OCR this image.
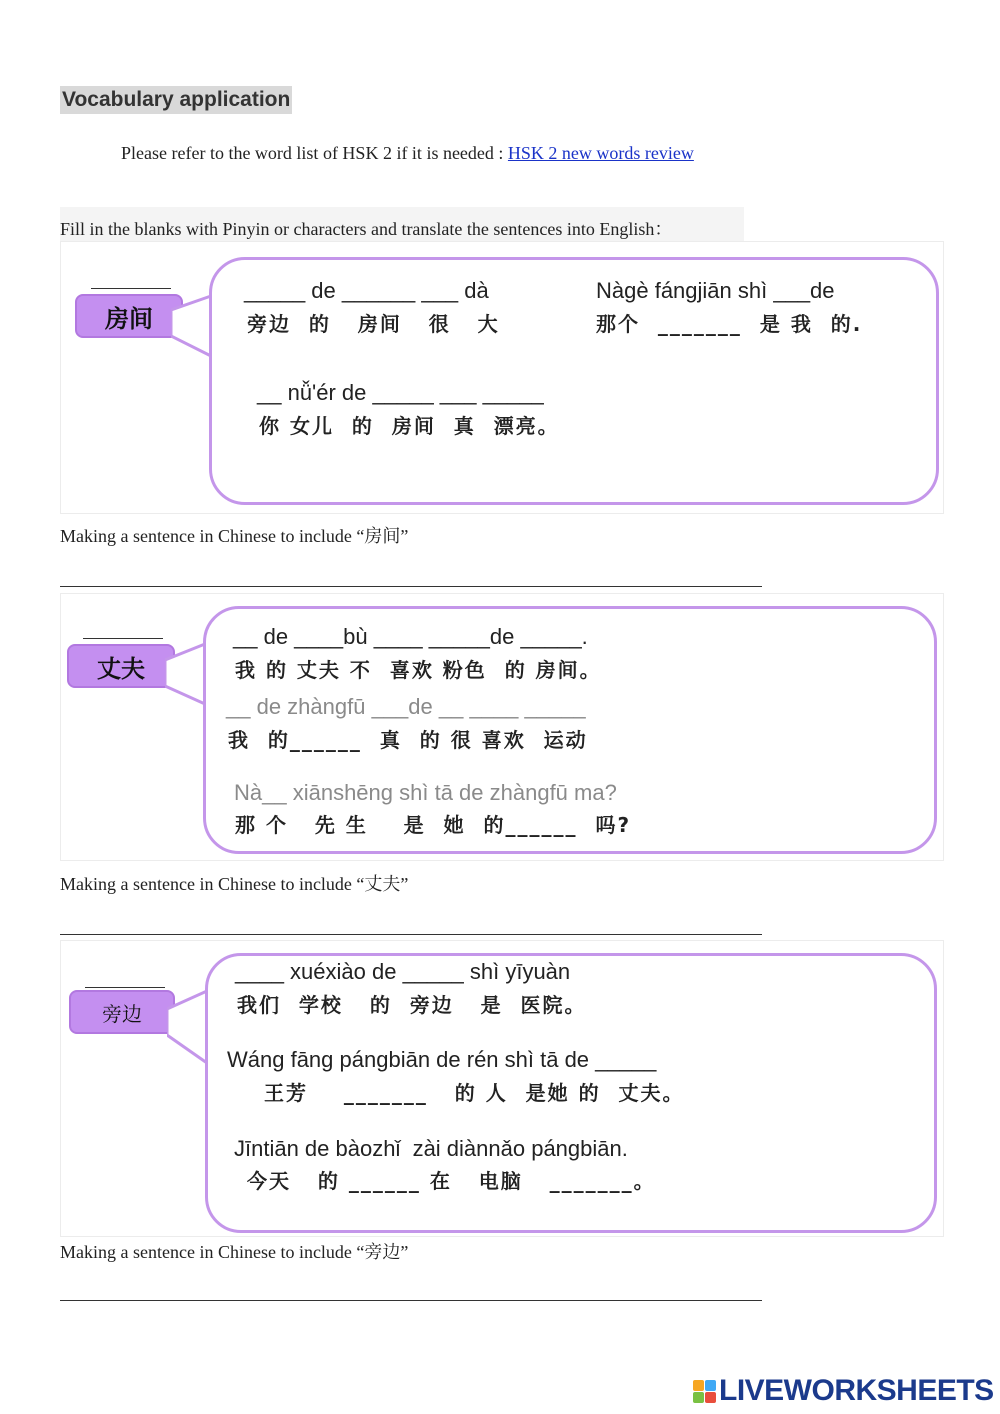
Vocabulary application
Please refer to the word list of HSK 2 if it is needed : HSK 2 new words review
Fill in the blanks with Pinyin or characters and translate the sentences into English：
房间
_____ de ______ ___ dà
旁边  的   房间   很   大
Nàgè fángjiān shì ___de
那个  _______  是 我  的.
__ nǚ'ér de _____ ___ _____
你 女儿  的  房间  真  漂亮。
Making a sentence in Chinese to include “房间”
丈夫
__ de ____bù ____ _____de _____.
我 的 丈夫 不  喜欢 粉色  的 房间。
__ de zhàngfū ___de __ ____ _____
我  的______  真  的 很 喜欢  运动
Nà__ xiānshēng shì tā de zhàngfū ma?
那 个   先 生    是  她  的______  吗?
Making a sentence in Chinese to include “丈夫”
旁边
____ xuéxiào de _____ shì yīyuàn
我们  学校   的  旁边   是  医院。
Wáng fāng pángbiān de rén shì tā de _____
王芳    _______   的 人  是她 的  丈夫。
Jīntiān de bàozhǐ  zài diànnǎo pángbiān.
今天   的 ______ 在   电脑   _______。
Making a sentence in Chinese to include “旁边”
LIVEWORKSHEETS
